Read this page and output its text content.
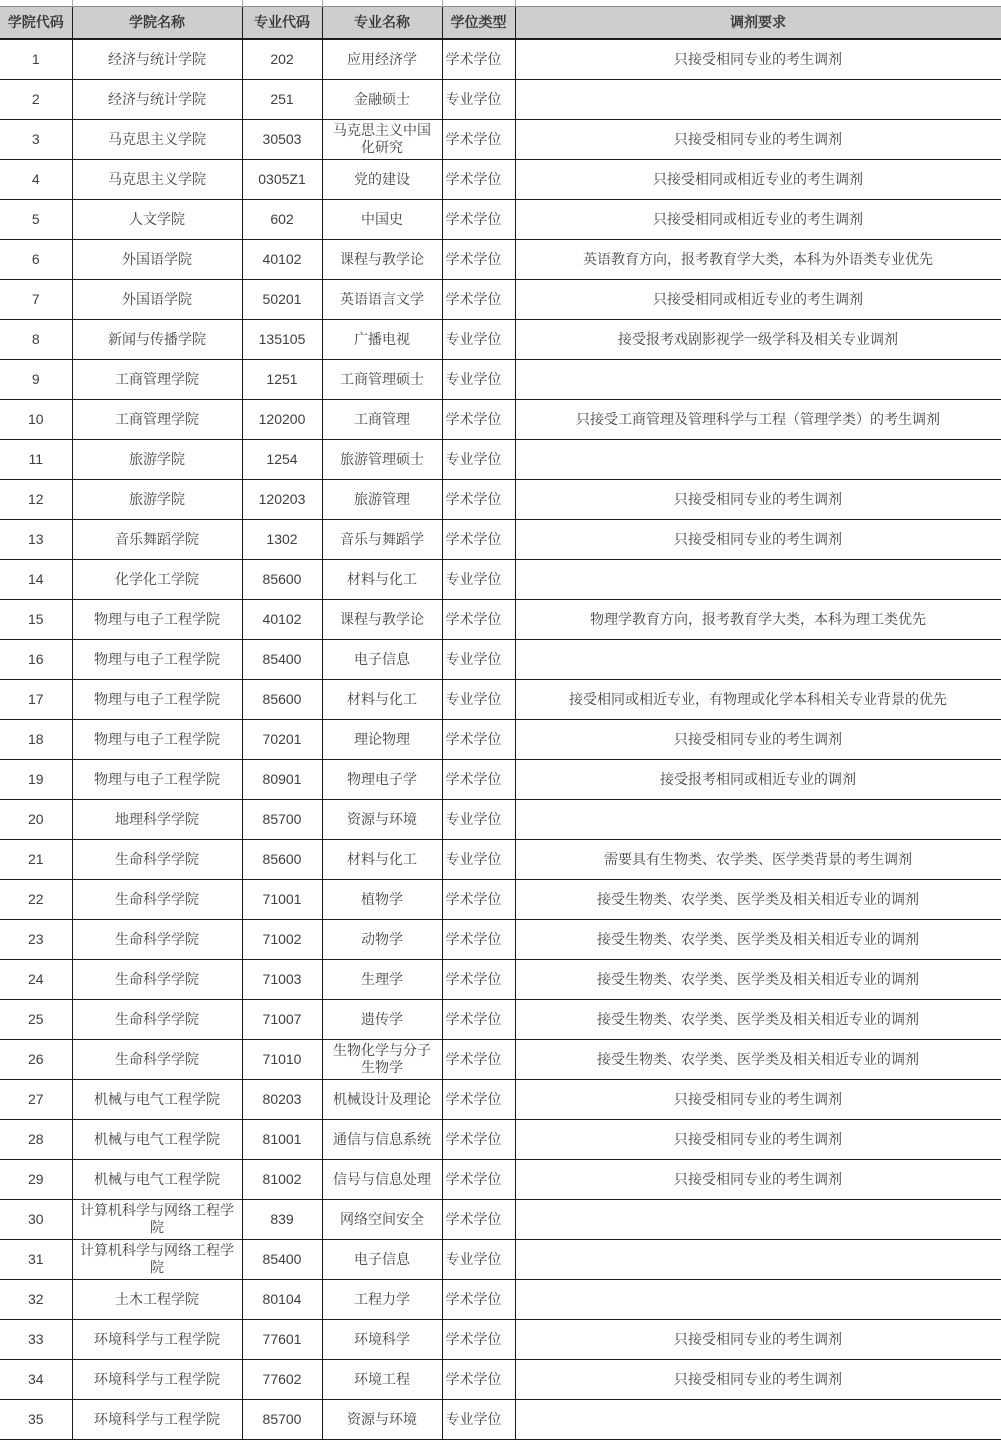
学院代码	学院名称	专业代码	专业名称	学位类型	调剂要求
1	经济与统计学院	202	应用经济学	学术学位	只接受相同专业的考生调剂
2	经济与统计学院	251	金融硕士	专业学位	
3	马克思主义学院	30503	马克思主义中国化研究	学术学位	只接受相同专业的考生调剂
4	马克思主义学院	0305Z1	党的建设	学术学位	只接受相同或相近专业的考生调剂
5	人文学院	602	中国史	学术学位	只接受相同或相近专业的考生调剂
6	外国语学院	40102	课程与教学论	学术学位	英语教育方向，报考教育学大类，本科为外语类专业优先
7	外国语学院	50201	英语语言文学	学术学位	只接受相同或相近专业的考生调剂
8	新闻与传播学院	135105	广播电视	专业学位	接受报考戏剧影视学一级学科及相关专业调剂
9	工商管理学院	1251	工商管理硕士	专业学位	
10	工商管理学院	120200	工商管理	学术学位	只接受工商管理及管理科学与工程（管理学类）的考生调剂
11	旅游学院	1254	旅游管理硕士	专业学位	
12	旅游学院	120203	旅游管理	学术学位	只接受相同专业的考生调剂
13	音乐舞蹈学院	1302	音乐与舞蹈学	学术学位	只接受相同专业的考生调剂
14	化学化工学院	85600	材料与化工	专业学位	
15	物理与电子工程学院	40102	课程与教学论	学术学位	物理学教育方向，报考教育学大类，本科为理工类优先
16	物理与电子工程学院	85400	电子信息	专业学位	
17	物理与电子工程学院	85600	材料与化工	专业学位	接受相同或相近专业，有物理或化学本科相关专业背景的优先
18	物理与电子工程学院	70201	理论物理	学术学位	只接受相同专业的考生调剂
19	物理与电子工程学院	80901	物理电子学	学术学位	接受报考相同或相近专业的调剂
20	地理科学学院	85700	资源与环境	专业学位	
21	生命科学学院	85600	材料与化工	专业学位	需要具有生物类、农学类、医学类背景的考生调剂
22	生命科学学院	71001	植物学	学术学位	接受生物类、农学类、医学类及相关相近专业的调剂
23	生命科学学院	71002	动物学	学术学位	接受生物类、农学类、医学类及相关相近专业的调剂
24	生命科学学院	71003	生理学	学术学位	接受生物类、农学类、医学类及相关相近专业的调剂
25	生命科学学院	71007	遗传学	学术学位	接受生物类、农学类、医学类及相关相近专业的调剂
26	生命科学学院	71010	生物化学与分子生物学	学术学位	接受生物类、农学类、医学类及相关相近专业的调剂
27	机械与电气工程学院	80203	机械设计及理论	学术学位	只接受相同专业的考生调剂
28	机械与电气工程学院	81001	通信与信息系统	学术学位	只接受相同专业的考生调剂
29	机械与电气工程学院	81002	信号与信息处理	学术学位	只接受相同专业的考生调剂
30	计算机科学与网络工程学院	839	网络空间安全	学术学位	
31	计算机科学与网络工程学院	85400	电子信息	专业学位	
32	土木工程学院	80104	工程力学	学术学位	
33	环境科学与工程学院	77601	环境科学	学术学位	只接受相同专业的考生调剂
34	环境科学与工程学院	77602	环境工程	学术学位	只接受相同专业的考生调剂
35	环境科学与工程学院	85700	资源与环境	专业学位	
